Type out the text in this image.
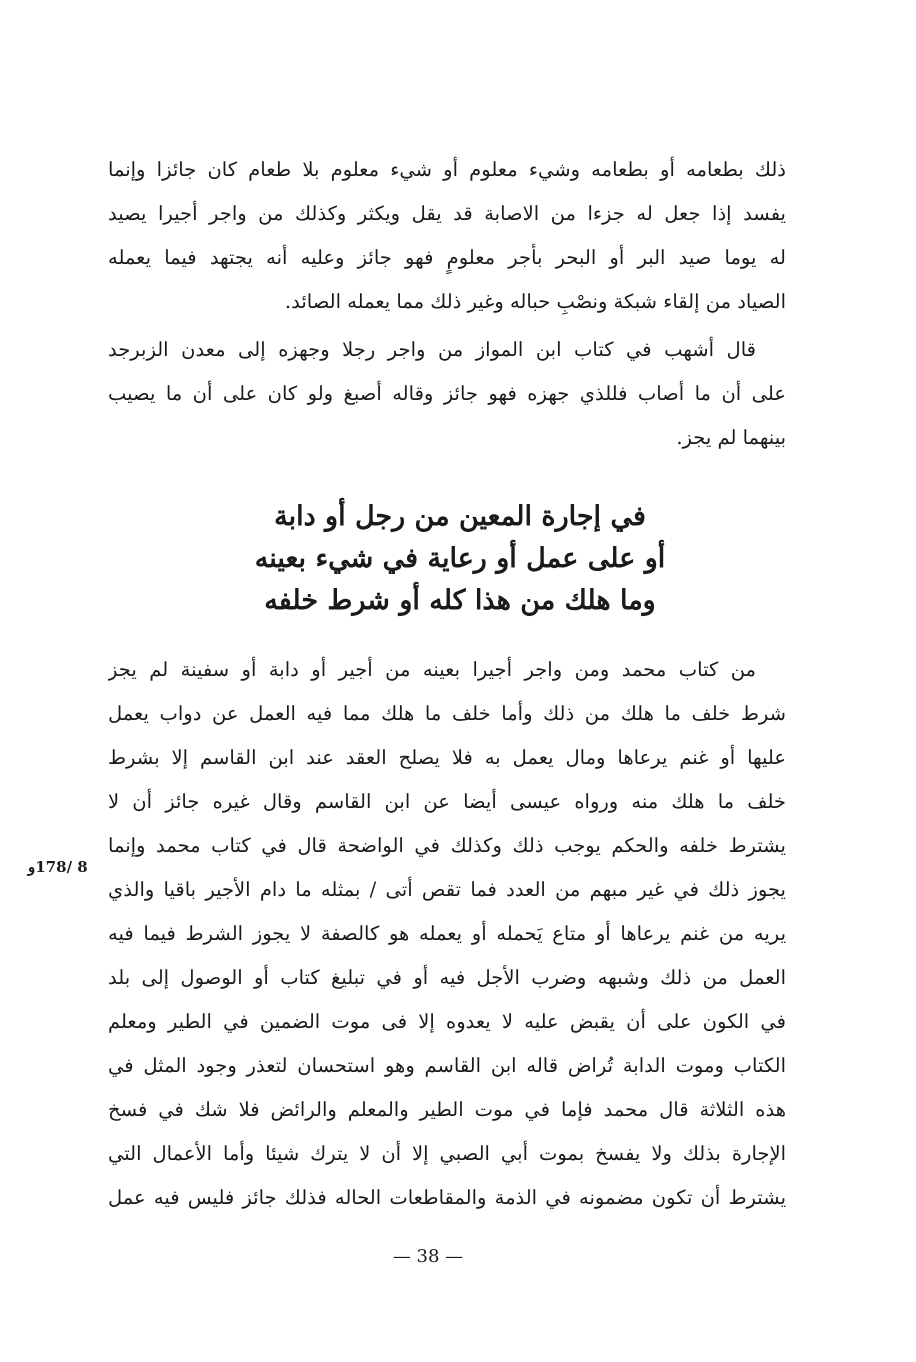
ذلك بطعامه أو بطعامه وشيء معلوم أو شيء معلوم بلا طعام كان جائزا وإنما
يفسد إذا جعل له جزءا من الاصابة قد يقل ويكثر وكذلك من واجر أجيرا يصيد
له يوما صيد البر أو البحر بأجر معلومٍ فهو جائز وعليه أنه يجتهد فيما يعمله
الصياد من إلقاء شبكة ونصْبِ حباله وغير ذلك مما يعمله الصائد.
قال أشهب في كتاب ابن المواز من واجر رجلا وجهزه إلى معدن الزبرجد
على أن ما أصاب فللذي جهزه فهو جائز وقاله أصبغ ولو كان على أن ما يصيب
بينهما لم يجز.
في إجارة المعين من رجل أو دابة
أو على عمل أو رعاية في شيء بعينه
وما هلك من هذا كله أو شرط خلفه
من كتاب محمد ومن واجر أجيرا بعينه من أجير أو دابة أو سفينة لم يجز
شرط خلف ما هلك من ذلك وأما خلف ما هلك مما فيه العمل عن دواب يعمل
عليها أو غنم يرعاها ومال يعمل به فلا يصلح العقد عند ابن القاسم إلا بشرط
خلف ما هلك منه ورواه عيسى أيضا عن ابن القاسم وقال غيره جائز أن لا
يشترط خلفه والحكم يوجب ذلك وكذلك في الواضحة قال في كتاب محمد وإنما
يجوز ذلك في غير مبهم من العدد فما تقص أتى / بمثله ما دام الأجير باقيا والذي
يريه من غنم يرعاها أو متاع يَحمله أو يعمله هو كالصفة لا يجوز الشرط فيما فيه
العمل من ذلك وشبهه وضرب الأجل فيه أو في تبليغ كتاب أو الوصول إلى بلد
في الكون على أن يقبض عليه لا يعدوه إلا فى موت الضمين في الطير ومعلم
الكتاب وموت الدابة تُراض قاله ابن القاسم وهو استحسان لتعذر وجود المثل في
هذه الثلاثة قال محمد فإما في موت الطير والمعلم والرائض فلا شك في فسخ
الإجارة بذلك ولا يفسخ بموت أبي الصبي إلا أن لا يترك شيئا وأما الأعمال التي
يشترط أن تكون مضمونه في الذمة والمقاطعات الحاله فذلك جائز فليس فيه عمل
8 /178و
— 38 —
